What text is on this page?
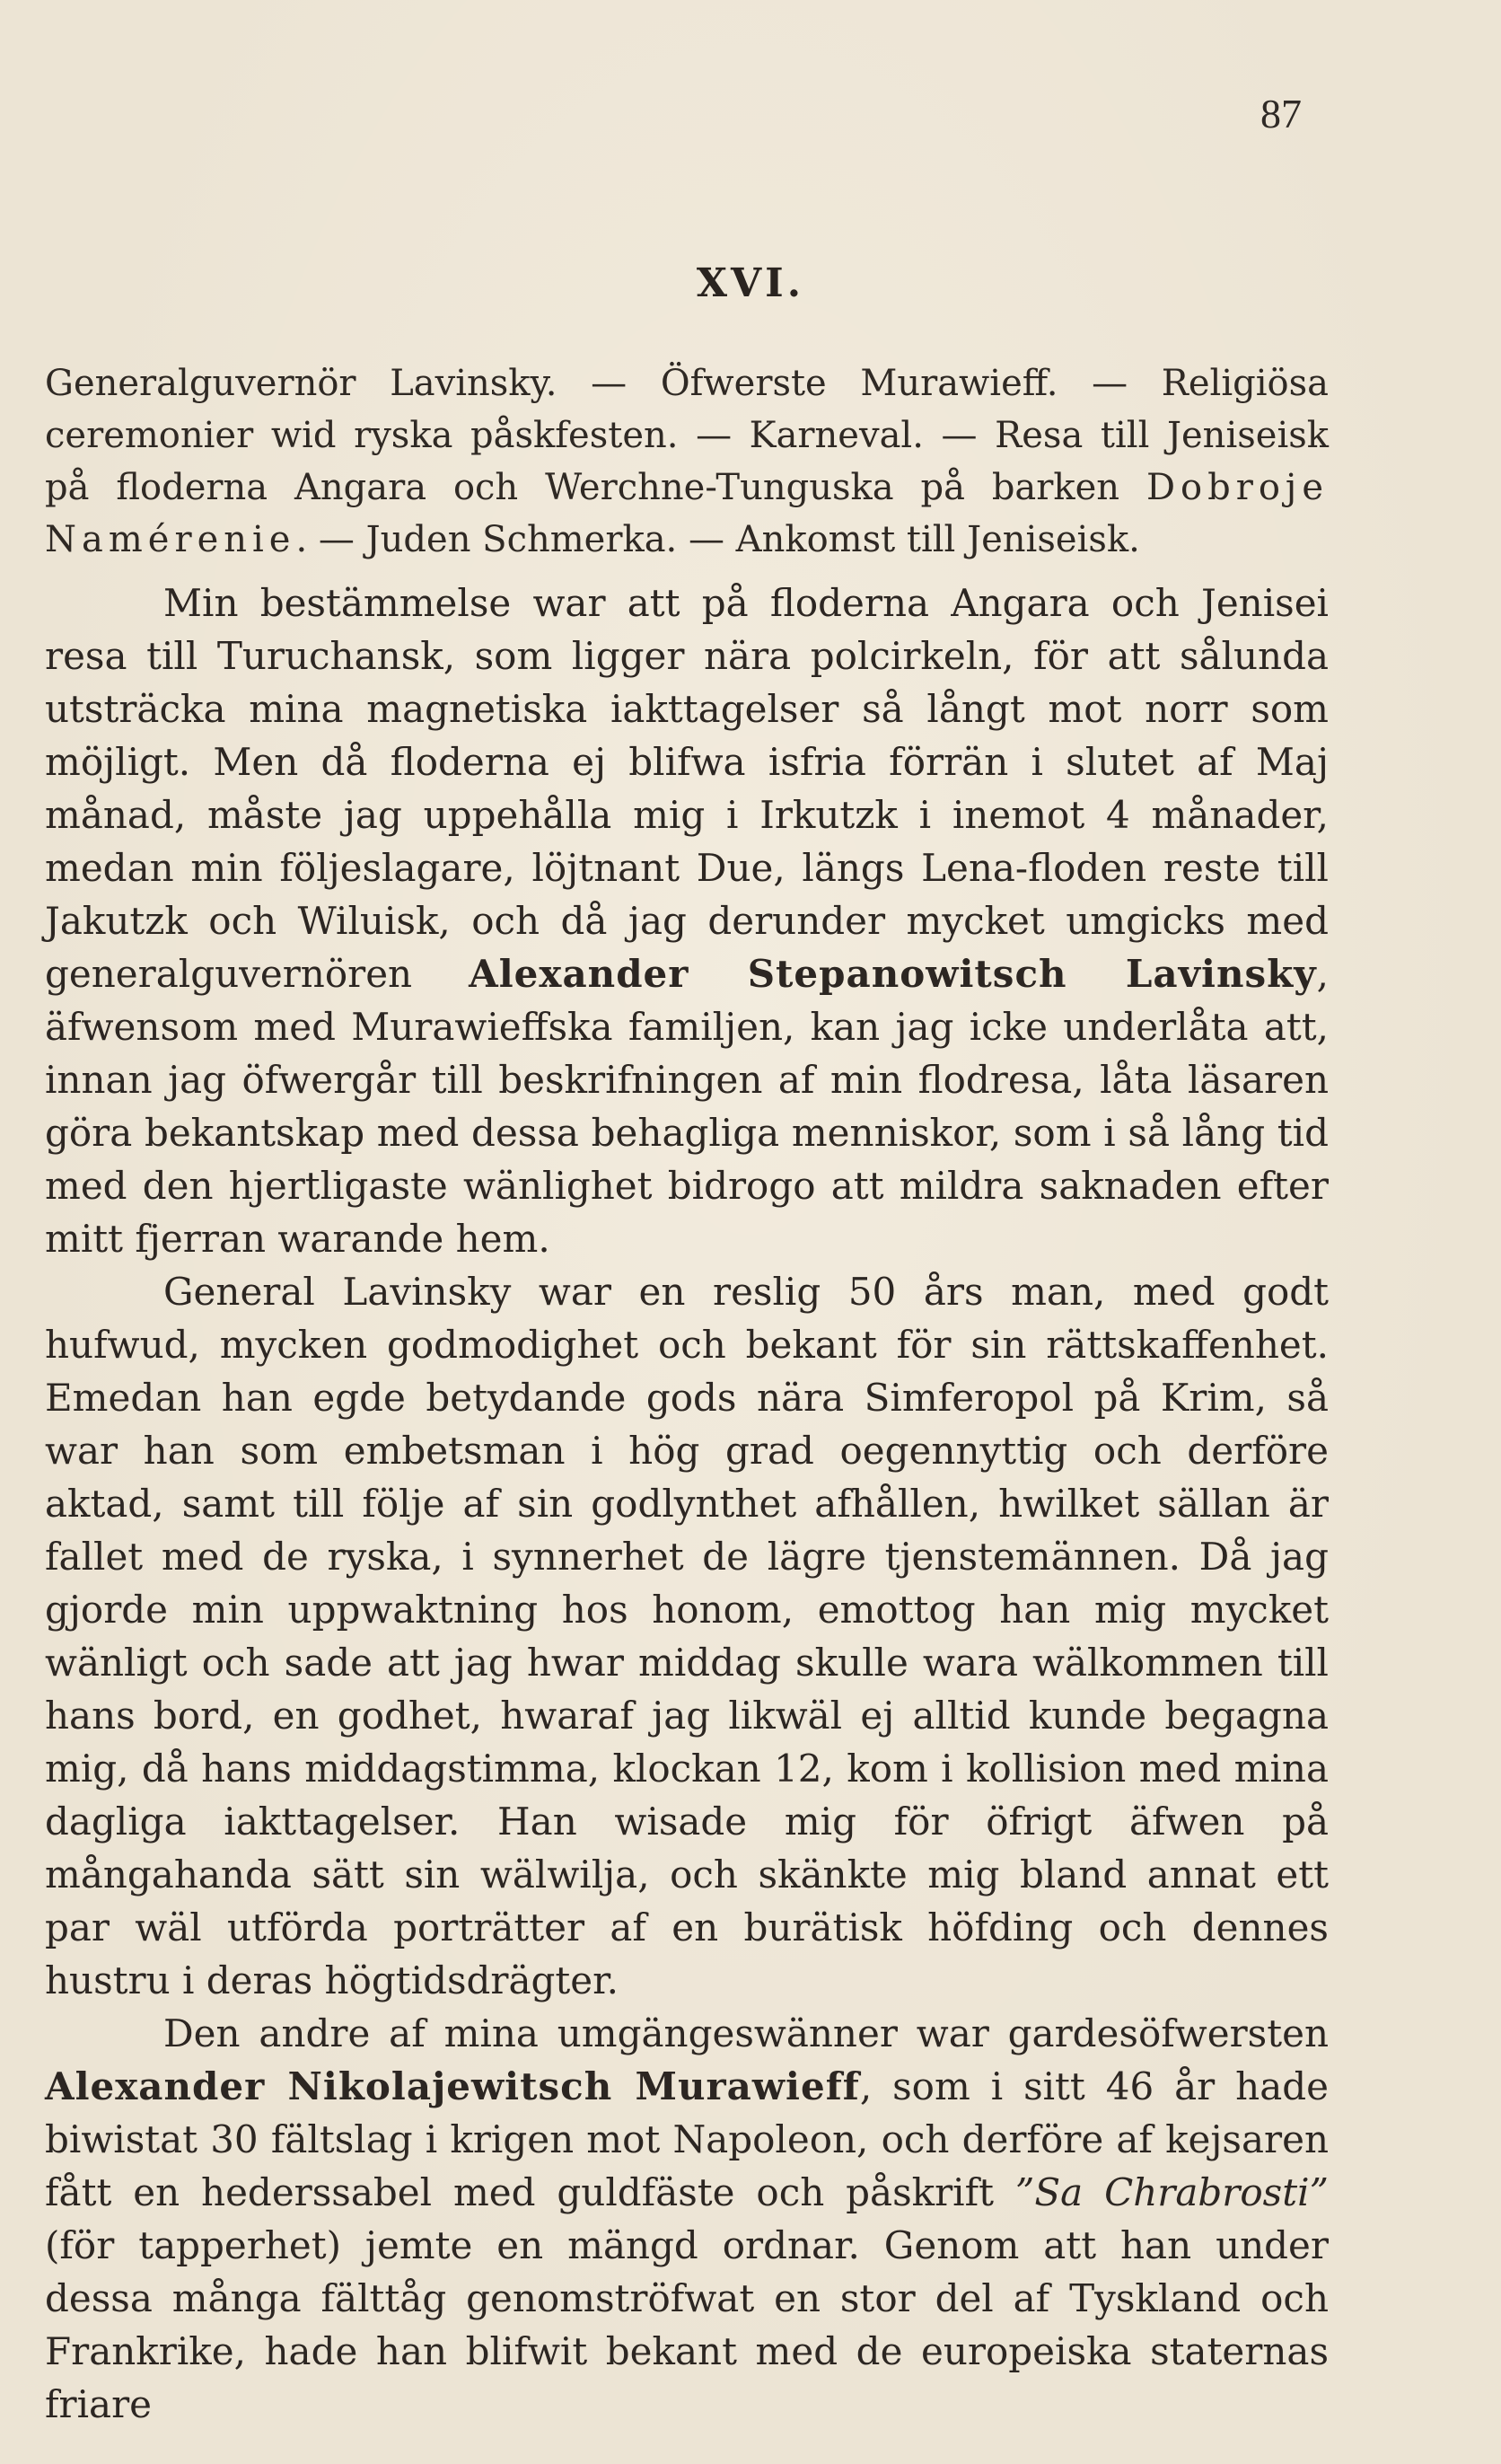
87
XVI.
Generalguvernör Lavinsky. — Öfwerste Murawieff. — Religiösa ceremonier wid ryska påskfesten. — Karneval. — Resa till Jeniseisk på floderna Angara och Werchne-Tunguska på barken Dobroje Namérenie. — Juden Schmerka. — Ankomst till Jeniseisk.

Min bestämmelse war att på floderna Angara och Jenisei resa till Turuchansk, som ligger nära polcirkeln, för att sålunda utsträcka mina magnetiska iakttagelser så långt mot norr som möjligt. Men då floderna ej blifwa isfria förrän i slutet af Maj månad, måste jag uppehålla mig i Irkutzk i inemot 4 månader, medan min följeslagare, löjtnant Due, längs Lena-floden reste till Jakutzk och Wiluisk, och då jag derunder mycket umgicks med generalguvernören Alexander Stepanowitsch Lavinsky, äfwensom med Murawieffska familjen, kan jag icke underlåta att, innan jag öfwergår till beskrifningen af min flodresa, låta läsaren göra bekantskap med dessa behagliga menniskor, som i så lång tid med den hjertligaste wänlighet bidrogo att mildra saknaden efter mitt fjerran warande hem.

General Lavinsky war en reslig 50 års man, med godt hufwud, mycken godmodighet och bekant för sin rättskaffenhet. Emedan han egde betydande gods nära Simferopol på Krim, så war han som embetsman i hög grad oegennyttig och derföre aktad, samt till följe af sin godlynthet afhållen, hwilket sällan är fallet med de ryska, i synnerhet de lägre tjenstemännen. Då jag gjorde min uppwaktning hos honom, emottog han mig mycket wänligt och sade att jag hwar middag skulle wara wälkommen till hans bord, en godhet, hwaraf jag likwäl ej alltid kunde begagna mig, då hans middagstimma, klockan 12, kom i kollision med mina dagliga iakttagelser. Han wisade mig för öfrigt äfwen på mångahanda sätt sin wälwilja, och skänkte mig bland annat ett par wäl utförda porträtter af en burätisk höfding och dennes hustru i deras högtidsdrägter.

Den andre af mina umgängeswänner war gardesöfwersten Alexander Nikolajewitsch Murawieff, som i sitt 46 år hade biwistat 30 fältslag i krigen mot Napoleon, och derföre af kejsaren fått en hederssabel med guldfäste och påskrift ”Sa Chrabrosti” (för tapperhet) jemte en mängd ordnar. Genom att han under dessa många fälttåg genomströfwat en stor del af Tyskland och Frankrike, hade han blifwit bekant med de europeiska staternas friare
